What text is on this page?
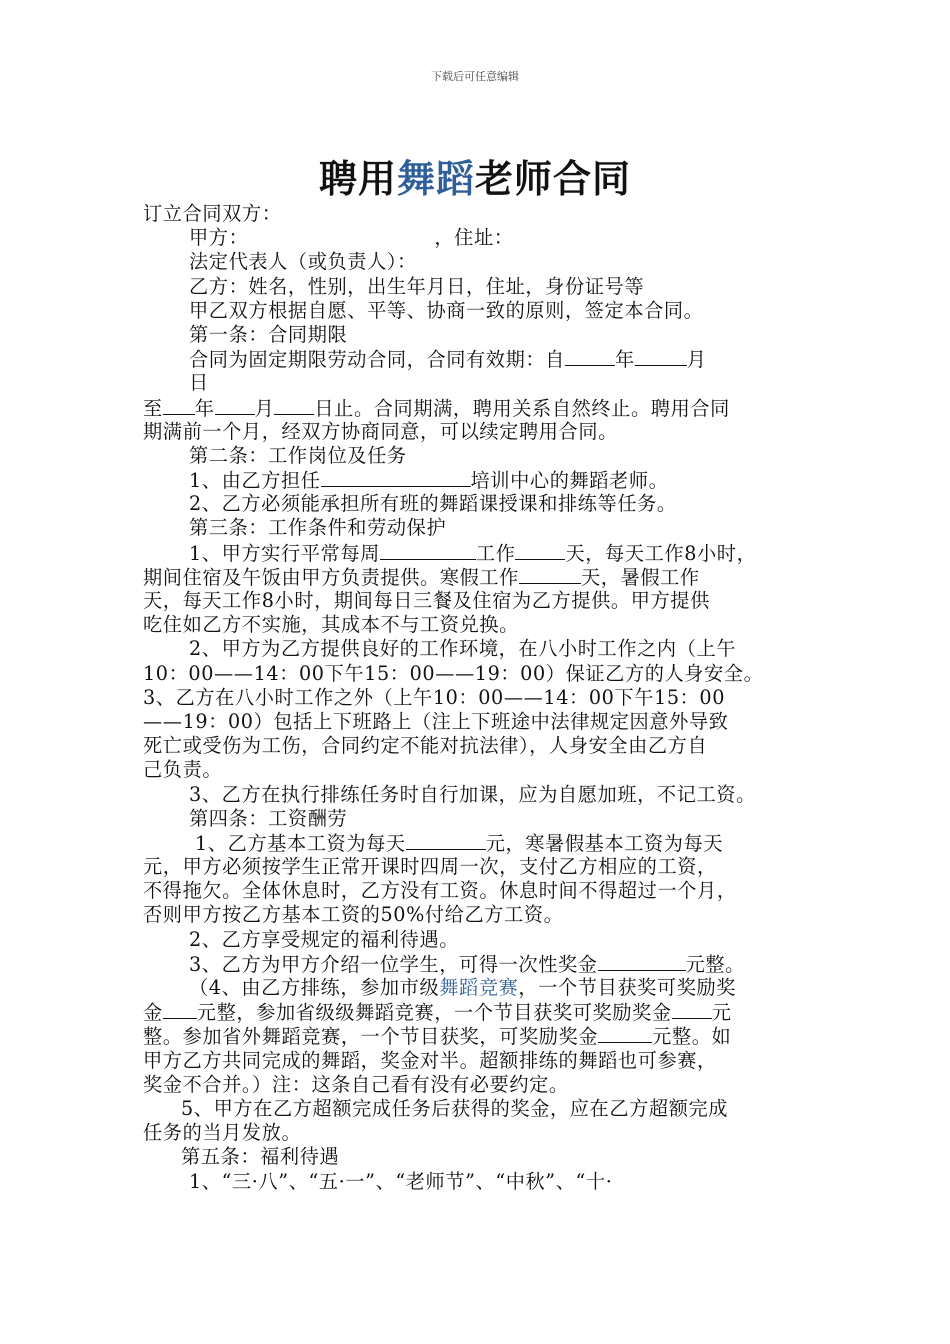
下载后可任意编辑
聘用舞蹈老师合同
订立合同双方：
甲方：	，住址：
法定代表人（或负责人）：
乙方：姓名，性别，出生年月日，住址，身份证号等
甲乙双方根据自愿、平等、协商一致的原则，签定本合同。
第一条：合同期限
合同为固定期限劳动合同，合同有效期：自	年	月
日
至 年 月 日止。合同期满，聘用关系自然终止。聘用合同
期满前一个月，经双方协商同意，可以续定聘用合同。
第二条：工作岗位及任务
1、由乙方担任	培训中心的舞蹈老师。
2、乙方必须能承担所有班的舞蹈课授课和排练等任务。
第三条：工作条件和劳动保护
1、甲方实行平常每周	工作	天，每天工作8小时，
期间住宿及午饭由甲方负责提供。寒假工作	天，暑假工作
天，每天工作8小时，期间每日三餐及住宿为乙方提供。甲方提供
吃住如乙方不实施，其成本不与工资兑换。
2、甲方为乙方提供良好的工作环境，在八小时工作之内（上午
10：00——14：00下午15：00——19：00）保证乙方的人身安全。
3、乙方在八小时工作之外（上午10：00——14：00下午15：00
——19：00）包括上下班路上（注上下班途中法律规定因意外导致
死亡或受伤为工伤，合同约定不能对抗法律），人身安全由乙方自
己负责。
3、乙方在执行排练任务时自行加课，应为自愿加班，不记工资。
第四条：工资酬劳
1、乙方基本工资为每天	元，寒暑假基本工资为每天
元，甲方必须按学生正常开课时四周一次，支付乙方相应的工资，
不得拖欠。全体休息时，乙方没有工资。休息时间不得超过一个月，
否则甲方按乙方基本工资的50%付给乙方工资。
2、乙方享受规定的福利待遇。
3、乙方为甲方介绍一位学生，可得一次性奖金	元整。
（4、由乙方排练，参加市级舞蹈竞赛，一个节目获奖可奖励奖
金 元整，参加省级级舞蹈竞赛，一个节目获奖可奖励奖金 元
整。参加省外舞蹈竞赛，一个节目获奖，可奖励奖金	元整。如
甲方乙方共同完成的舞蹈，奖金对半。超额排练的舞蹈也可参赛，
奖金不合并。）注：这条自己看有没有必要约定。
5、甲方在乙方超额完成任务后获得的奖金，应在乙方超额完成
任务的当月发放。
第五条：福利待遇
1、“三·八”、“五·一”、“老师节”、“中秋”、“十·
